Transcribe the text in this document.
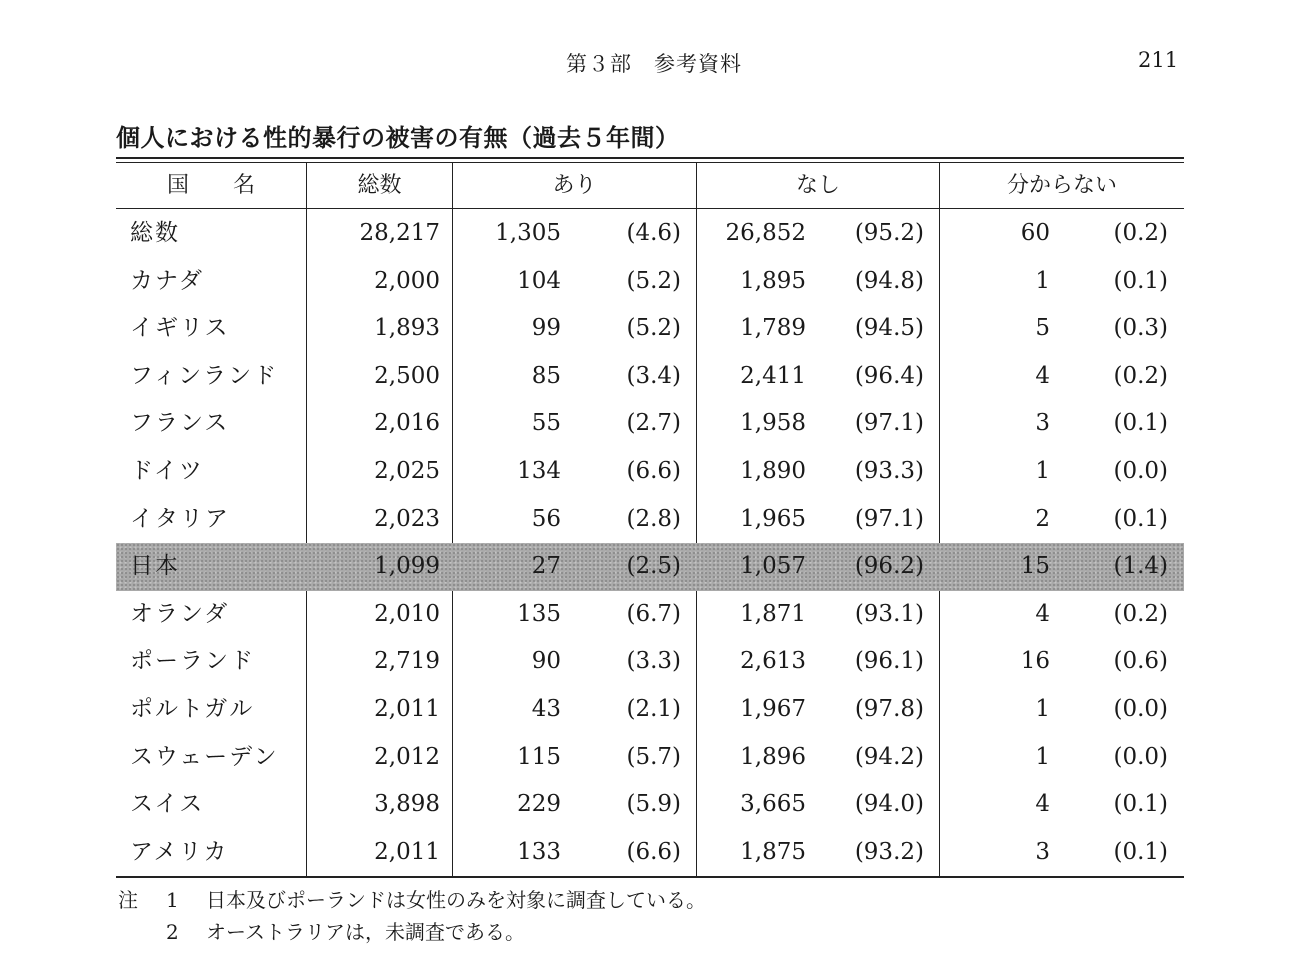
第３部　参考資料	211
個人における性的暴行の被害の有無（過去５年間）
国　　名	総数	あり	なし	分からない
総数	28,217	1,305	(4.6)	26,852	(95.2)	60	(0.2)
カナダ	2,000	104	(5.2)	1,895	(94.8)	1	(0.1)
イギリス	1,893	99	(5.2)	1,789	(94.5)	5	(0.3)
フィンランド	2,500	85	(3.4)	2,411	(96.4)	4	(0.2)
フランス	2,016	55	(2.7)	1,958	(97.1)	3	(0.1)
ドイツ	2,025	134	(6.6)	1,890	(93.3)	1	(0.0)
イタリア	2,023	56	(2.8)	1,965	(97.1)	2	(0.1)
日本	1,099	27	(2.5)	1,057	(96.2)	15	(1.4)
オランダ	2,010	135	(6.7)	1,871	(93.1)	4	(0.2)
ポーランド	2,719	90	(3.3)	2,613	(96.1)	16	(0.6)
ポルトガル	2,011	43	(2.1)	1,967	(97.8)	1	(0.0)
スウェーデン	2,012	115	(5.7)	1,896	(94.2)	1	(0.0)
スイス	3,898	229	(5.9)	3,665	(94.0)	4	(0.1)
アメリカ	2,011	133	(6.6)	1,875	(93.2)	3	(0.1)
注 1 日本及びポーランドは女性のみを対象に調査している。
2 オーストラリアは，未調査である。
